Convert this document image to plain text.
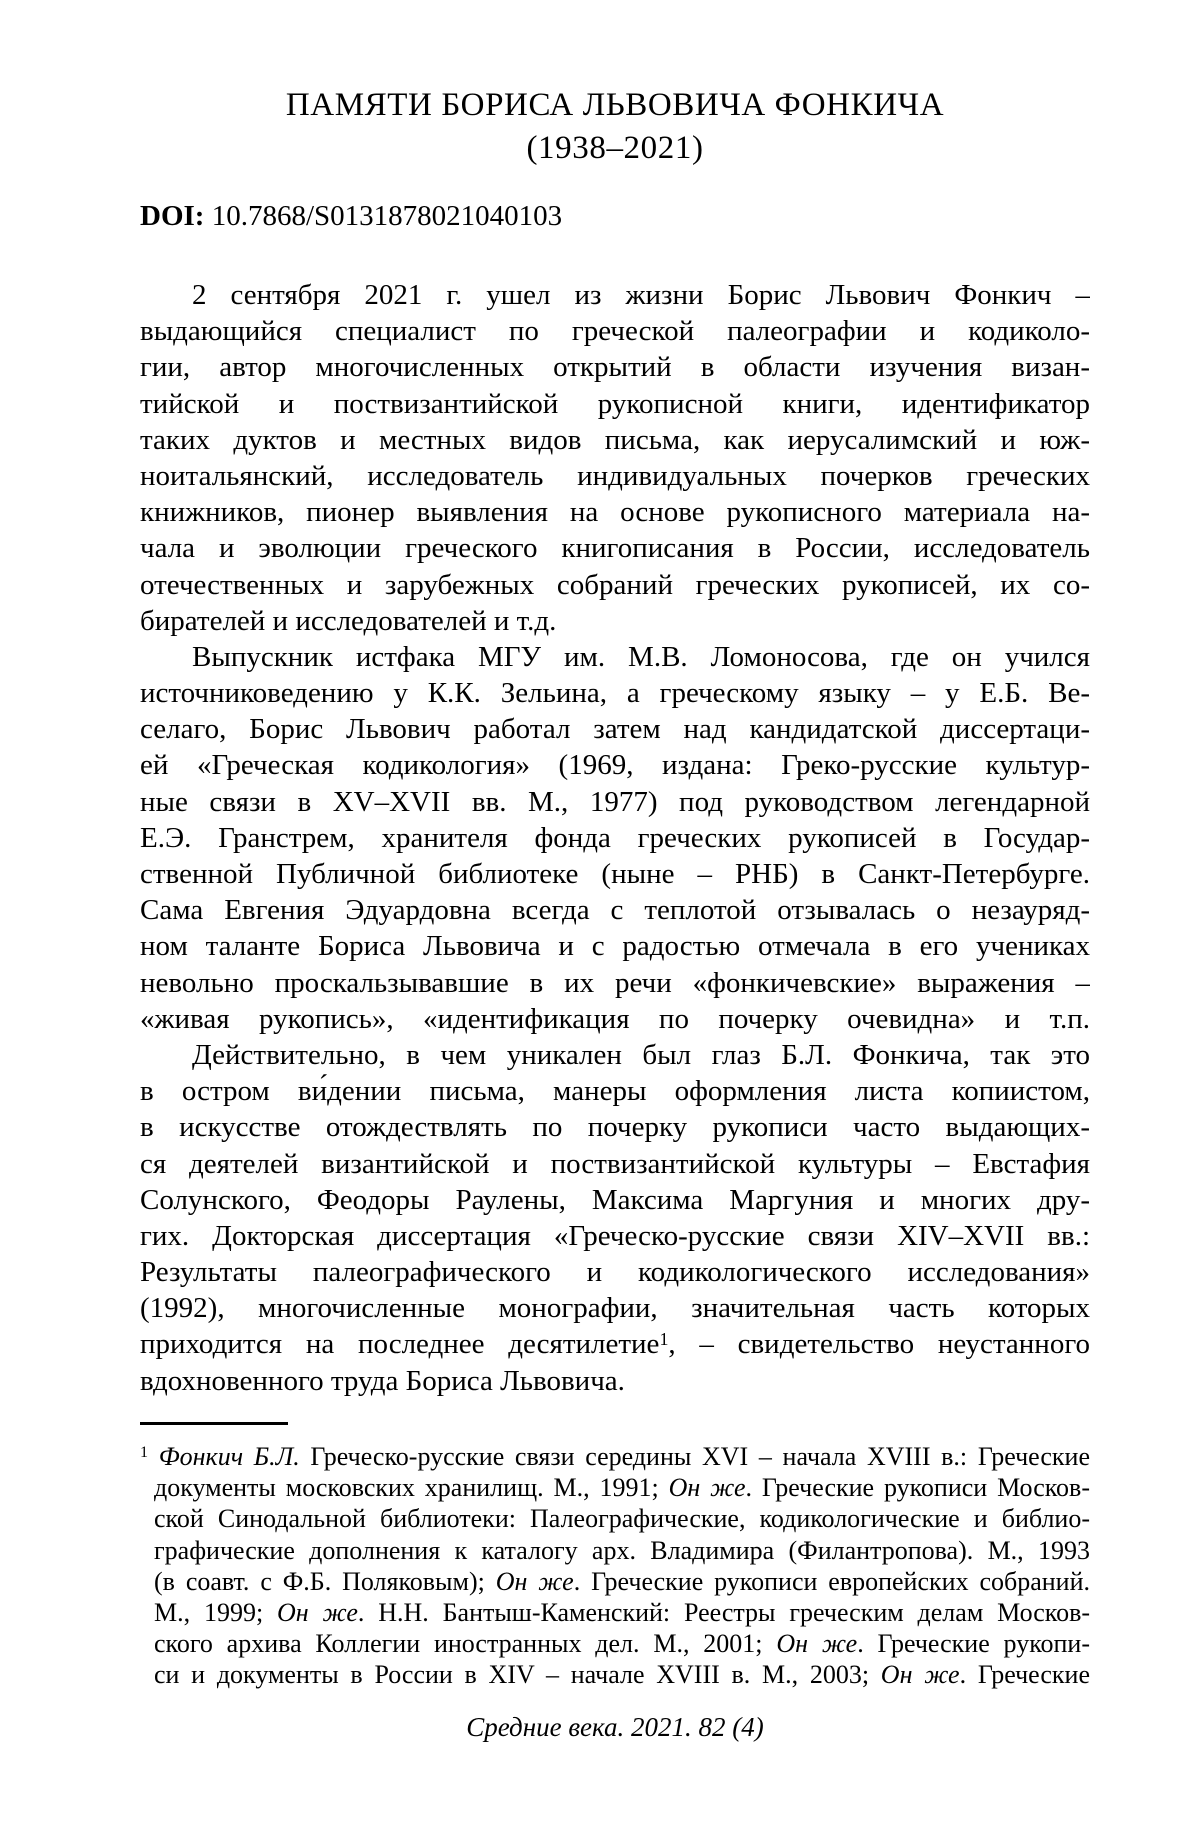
ПАМЯТИ БОРИСА ЛЬВОВИЧА ФОНКИЧА
(1938–2021)
DOI: 10.7868/S0131878021040103
2 сентября 2021 г. ушел из жизни Борис Львович Фонкич –
выдающийся специалист по греческой палеографии и кодиколо-
гии, автор многочисленных открытий в области изучения визан-
тийской и поствизантийской рукописной книги, идентификатор
таких дуктов и местных видов письма, как иерусалимский и юж-
ноитальянский, исследователь индивидуальных почерков греческих
книжников, пионер выявления на основе рукописного материала на-
чала и эволюции греческого книгописания в России, исследователь
отечественных и зарубежных собраний греческих рукописей, их со-
бирателей и исследователей и т.д.
Выпускник истфака МГУ им. М.В. Ломоносова, где он учился
источниковедению у К.К. Зельина, а греческому языку – у Е.Б. Ве-
селаго, Борис Львович работал затем над кандидатской диссертаци-
ей «Греческая кодикология» (1969, издана: Греко-русские культур-
ные связи в XV–XVII вв. М., 1977) под руководством легендарной
Е.Э. Гранстрем, хранителя фонда греческих рукописей в Государ-
ственной Публичной библиотеке (ныне – РНБ) в Санкт-Петербурге.
Сама Евгения Эдуардовна всегда с теплотой отзывалась о незауряд-
ном таланте Бориса Львовича и с радостью отмечала в его учениках
невольно проскальзывавшие в их речи «фонкичевские» выражения –
«живая рукопись», «идентификация по почерку очевидна» и т.п.
Действительно, в чем уникален был глаз Б.Л. Фонкича, так это
в остром ви́дении письма, манеры оформления листа копиистом,
в искусстве отождествлять по почерку рукописи часто выдающих-
ся деятелей византийской и поствизантийской культуры – Евстафия
Солунского, Феодоры Раулены, Максима Маргуния и многих дру-
гих. Докторская диссертация «Греческо-русские связи XIV–XVII вв.:
Результаты палеографического и кодикологического исследования»
(1992), многочисленные монографии, значительная часть которых
приходится на последнее десятилетие$^1$, – свидетельство неустанного
вдохновенного труда Бориса Львовича.
$^1$ Фонкич Б.Л. Греческо-русские связи середины XVI – начала XVIII в.: Греческие
документы московских хранилищ. М., 1991; Он же. Греческие рукописи Москов-
ской Синодальной библиотеки: Палеографические, кодикологические и библио-
графические дополнения к каталогу арх. Владимира (Филантропова). М., 1993
(в соавт. с Ф.Б. Поляковым); Он же. Греческие рукописи европейских собраний.
М., 1999; Он же. Н.Н. Бантыш-Каменский: Реестры греческим делам Москов-
ского архива Коллегии иностранных дел. М., 2001; Он же. Греческие рукопи-
си и документы в России в XIV – начале XVIII в. М., 2003; Он же. Греческие
Средние века. 2021. 82 (4)
